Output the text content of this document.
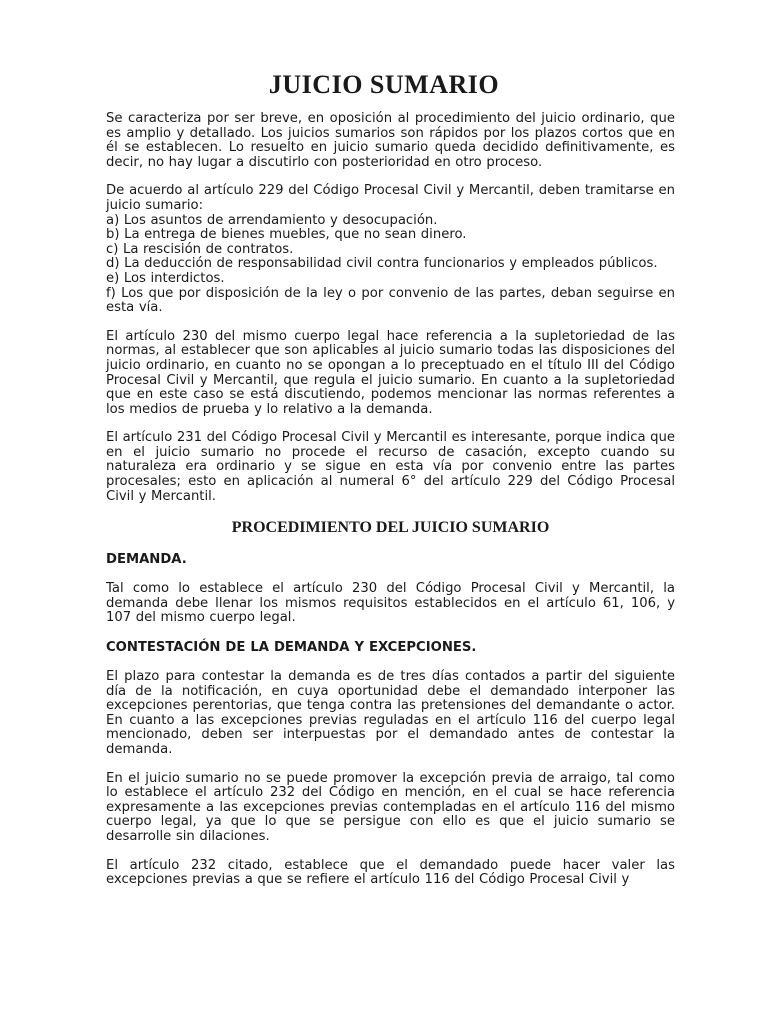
JUICIO SUMARIO

Se caracteriza por ser breve, en oposición al procedimiento del juicio ordinario, que es amplio y detallado. Los juicios sumarios son rápidos por los plazos cortos que en él se establecen. Lo resuelto en juicio sumario queda decidido definitivamente, es decir, no hay lugar a discutirlo con posterioridad en otro proceso.

De acuerdo al artículo 229 del Código Procesal Civil y Mercantil, deben tramitarse en juicio sumario:

a) Los asuntos de arrendamiento y desocupación.

b) La entrega de bienes muebles, que no sean dinero.

c) La rescisión de contratos.

d) La deducción de responsabilidad civil contra funcionarios y empleados públicos.

e) Los interdictos.

f) Los que por disposición de la ley o por convenio de las partes, deban seguirse en esta vía.

El artículo 230 del mismo cuerpo legal hace referencia a la supletoriedad de las normas, al establecer que son aplicables al juicio sumario todas las disposiciones del juicio ordinario, en cuanto no se opongan a lo preceptuado en el título III del Código Procesal Civil y Mercantil, que regula el juicio sumario. En cuanto a la supletoriedad que en este caso se está discutiendo, podemos mencionar las normas referentes a los medios de prueba y lo relativo a la demanda.

El artículo 231 del Código Procesal Civil y Mercantil es interesante, porque indica que en el juicio sumario no procede el recurso de casación, excepto cuando su naturaleza era ordinario y se sigue en esta vía por convenio entre las partes procesales; esto en aplicación al numeral 6° del artículo 229 del Código Procesal Civil y Mercantil.

PROCEDIMIENTO DEL JUICIO SUMARIO

DEMANDA.

Tal como lo establece el artículo 230 del Código Procesal Civil y Mercantil, la demanda debe llenar los mismos requisitos establecidos en el artículo 61, 106, y 107 del mismo cuerpo legal.

CONTESTACIÓN DE LA DEMANDA Y EXCEPCIONES.

El plazo para contestar la demanda es de tres días contados a partir del siguiente día de la notificación, en cuya oportunidad debe el demandado interponer las excepciones perentorias, que tenga contra las pretensiones del demandante o actor. En cuanto a las excepciones previas reguladas en el artículo 116 del cuerpo legal mencionado, deben ser interpuestas por el demandado antes de contestar la demanda.

En el juicio sumario no se puede promover la excepción previa de arraigo, tal como lo establece el artículo 232 del Código en mención, en el cual se hace referencia expresamente a las excepciones previas contempladas en el artículo 116 del mismo cuerpo legal, ya que lo que se persigue con ello es que el juicio sumario se desarrolle sin dilaciones.

El artículo 232 citado, establece que el demandado puede hacer valer las excepciones previas a que se refiere el artículo 116 del Código Procesal Civil y
